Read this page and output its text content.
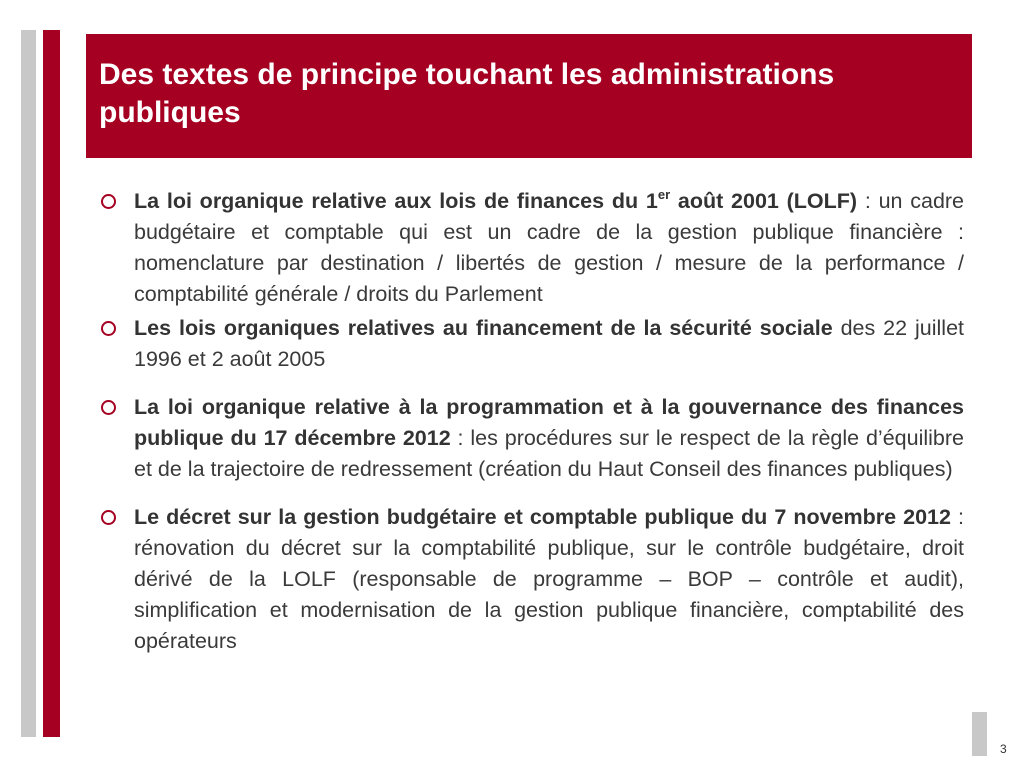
Des textes de principe touchant les administrations publiques
La loi organique relative aux lois de finances du 1er août 2001 (LOLF) : un cadre budgétaire et comptable qui est un cadre de la gestion publique financière : nomenclature par destination / libertés de gestion / mesure de la performance / comptabilité générale / droits du Parlement
Les lois organiques relatives au financement de la sécurité sociale des 22 juillet 1996 et 2 août 2005
La loi organique relative à la programmation et à la gouvernance des finances publique du 17 décembre 2012 : les procédures sur le respect de la règle d’équilibre et de la trajectoire de redressement (création du Haut Conseil des finances publiques)
Le décret sur la gestion budgétaire et comptable publique du 7 novembre 2012 : rénovation du décret sur la comptabilité publique, sur le contrôle budgétaire, droit dérivé de la LOLF (responsable de programme – BOP – contrôle et audit), simplification et modernisation de la gestion publique financière, comptabilité des opérateurs
3
